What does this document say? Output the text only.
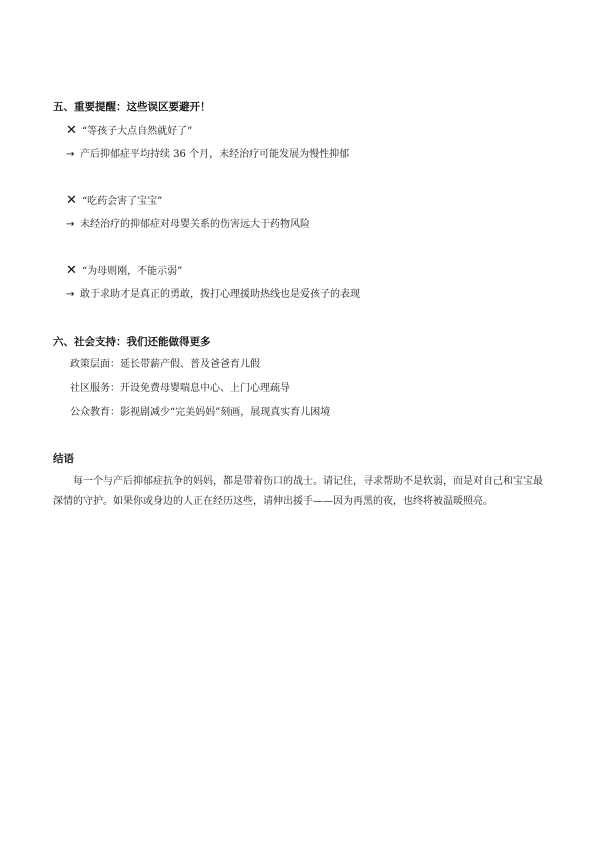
五、重要提醒：这些误区要避开！
✕ “等孩子大点自然就好了”
→ 产后抑郁症平均持续 36 个月，未经治疗可能发展为慢性抑郁
✕ “吃药会害了宝宝”
→ 未经治疗的抑郁症对母婴关系的伤害远大于药物风险
✕ “为母则刚，不能示弱”
→ 敢于求助才是真正的勇敢，拨打心理援助热线也是爱孩子的表现
六、社会支持：我们还能做得更多
政策层面：延长带薪产假、普及爸爸育儿假
社区服务：开设免费母婴喘息中心、上门心理疏导
公众教育：影视剧减少“完美妈妈”刻画，展现真实育儿困境
结语
每一个与产后抑郁症抗争的妈妈，都是带着伤口的战士。请记住，寻求帮助不是软弱，而是对自己和宝宝最深情的守护。如果你或身边的人正在经历这些，请伸出援手——因为再黑的夜，也终将被温暖照亮。
